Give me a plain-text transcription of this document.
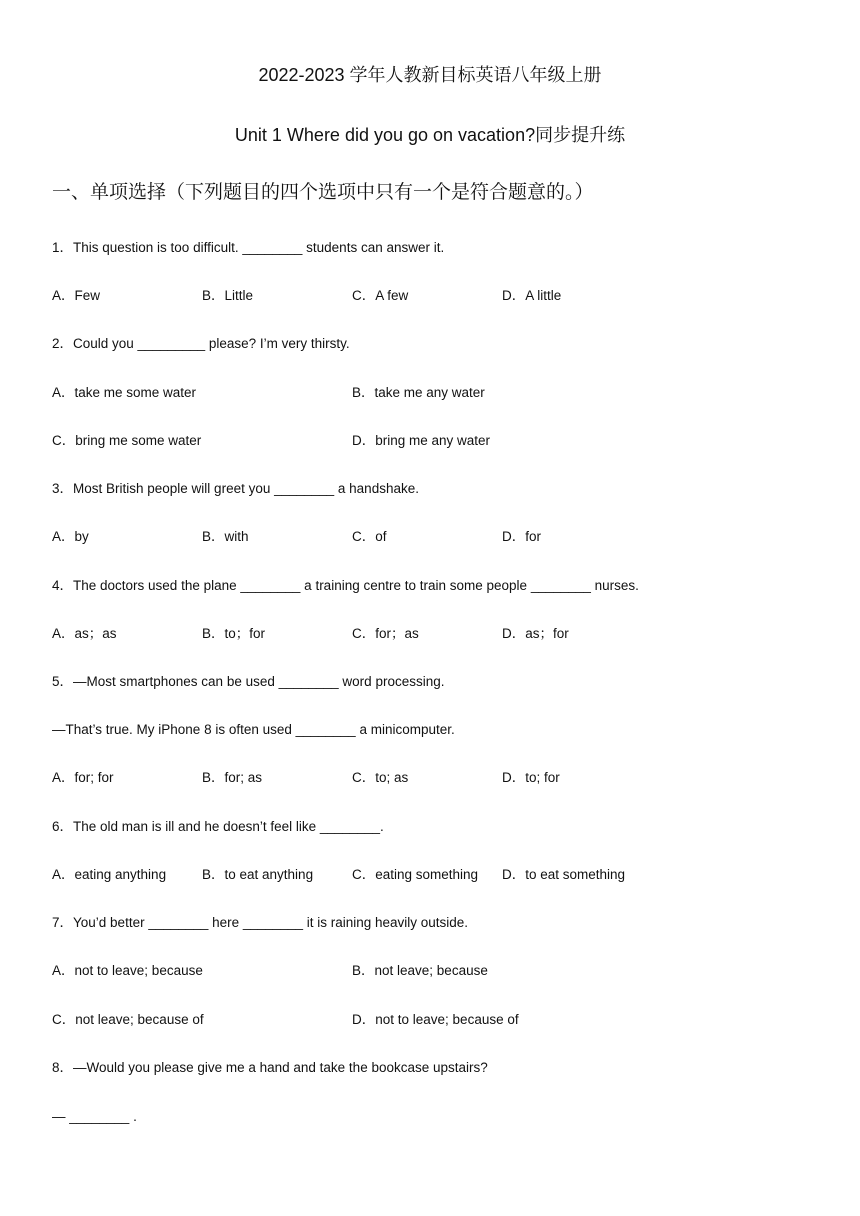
2022-2023 学年人教新目标英语八年级上册
Unit 1 Where did you go on vacation?同步提升练
一、单项选择（下列题目的四个选项中只有一个是符合题意的。）
1．This question is too difficult. ________ students can answer it.
A．Few	B．Little	C．A few	D．A little
2．Could you _________ please? I’m very thirsty.
A．take me some water	B．take me any water
C．bring me some water	D．bring me any water
3．Most British people will greet you ________ a handshake.
A．by	B．with	C．of	D．for
4．The doctors used the plane ________ a training centre to train some people ________ nurses.
A．as；as	B．to；for	C．for；as	D．as；for
5．—Most smartphones can be used ________ word processing.
—That’s true. My iPhone 8 is often used ________ a minicomputer.
A．for; for	B．for; as	C．to; as	D．to; for
6．The old man is ill and he doesn’t feel like ________.
A．eating anything	B．to eat anything	C．eating something D．to eat something
7．You’d better ________ here ________ it is raining heavily outside.
A．not to leave; because	B．not leave; because
C．not leave; because of	D．not to leave; because of
8．—Would you please give me a hand and take the bookcase upstairs?
— ________ .
